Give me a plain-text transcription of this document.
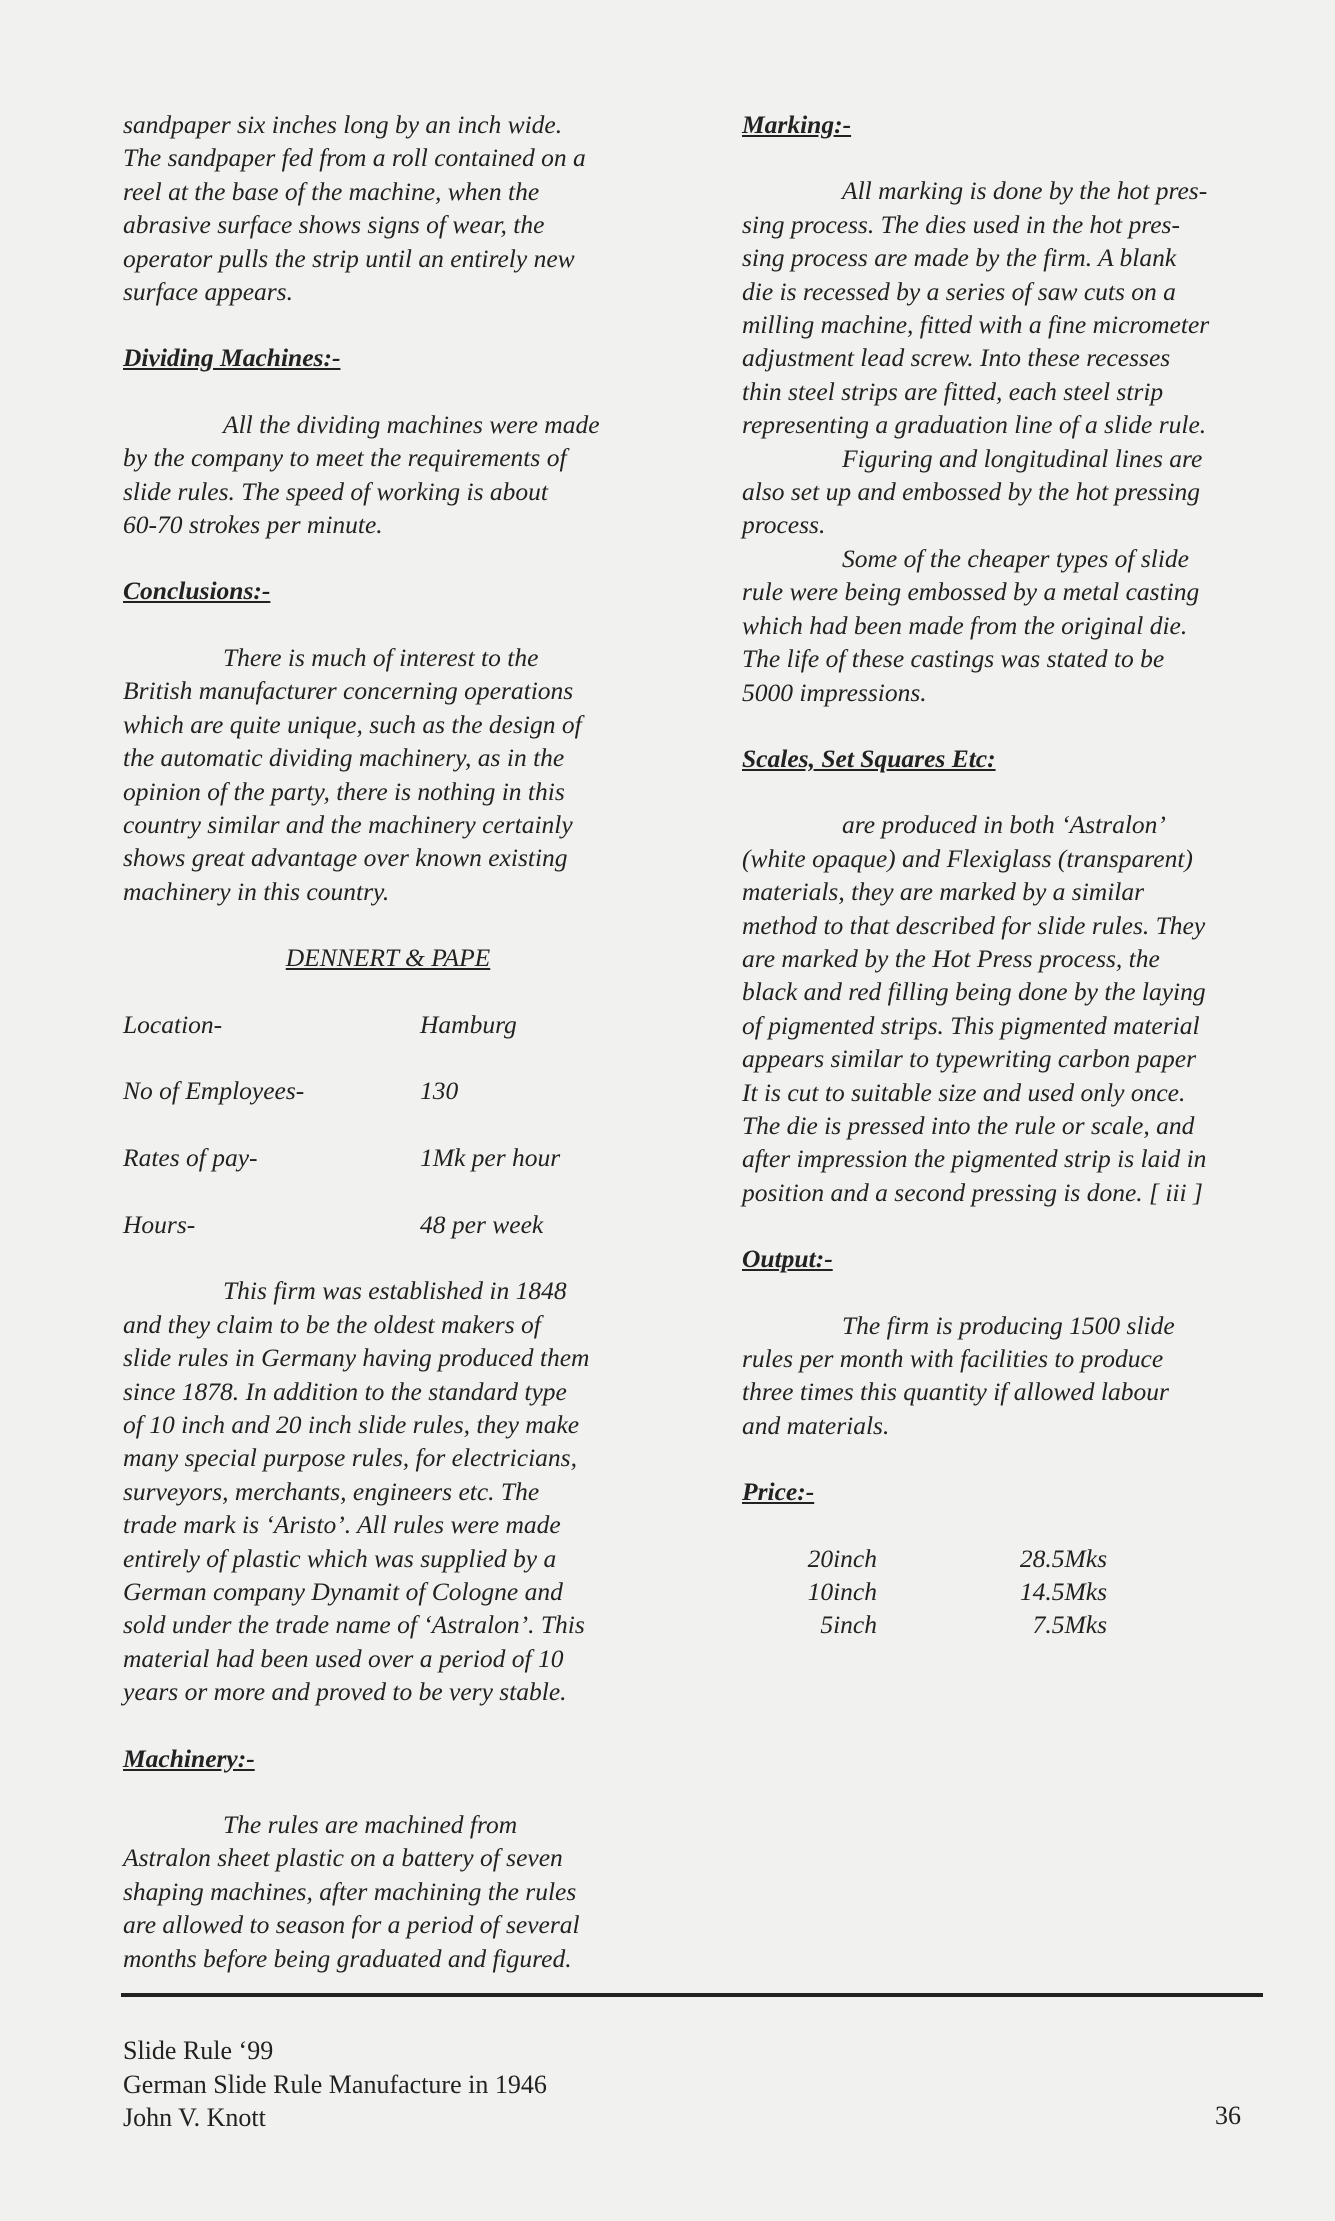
sandpaper six inches long by an inch wide.

The sandpaper fed from a roll contained on a

reel at the base of the machine, when the

abrasive surface shows signs of wear, the

operator pulls the strip until an entirely new

surface appears.

Dividing Machines:-

All the dividing machines were made

by the company to meet the requirements of

slide rules. The speed of working is about

60-70 strokes per minute.

Conclusions:-

There is much of interest to the

British manufacturer concerning operations

which are quite unique, such as the design of

the automatic dividing machinery, as in the

opinion of the party, there is nothing in this

country similar and the machinery certainly

shows great advantage over known existing

machinery in this country.

DENNERT & PAPE

Location-	Hamburg
No of Employees-	130
Rates of pay-	1Mk per hour
Hours-	48 per week

This firm was established in 1848

and they claim to be the oldest makers of

slide rules in Germany having produced them

since 1878. In addition to the standard type

of 10 inch and 20 inch slide rules, they make

many special purpose rules, for electricians,

surveyors, merchants, engineers etc. The

trade mark is ‘Aristo’. All rules were made

entirely of plastic which was supplied by a

German company Dynamit of Cologne and

sold under the trade name of ‘Astralon’. This

material had been used over a period of 10

years or more and proved to be very stable.

Machinery:-

The rules are machined from

Astralon sheet plastic on a battery of seven

shaping machines, after machining the rules

are allowed to season for a period of several

months before being graduated and figured.

Marking:-

All marking is done by the hot pres-

sing process. The dies used in the hot pres-

sing process are made by the firm. A blank

die is recessed by a series of saw cuts on a

milling machine, fitted with a fine micrometer

adjustment lead screw. Into these recesses

thin steel strips are fitted, each steel strip

representing a graduation line of a slide rule.

Figuring and longitudinal lines are

also set up and embossed by the hot pressing

process.

Some of the cheaper types of slide

rule were being embossed by a metal casting

which had been made from the original die.

The life of these castings was stated to be

5000 impressions.

Scales, Set Squares Etc:

are produced in both ‘Astralon’

(white opaque) and Flexiglass (transparent)

materials, they are marked by a similar

method to that described for slide rules. They

are marked by the Hot Press process, the

black and red filling being done by the laying

of pigmented strips. This pigmented material

appears similar to typewriting carbon paper

It is cut to suitable size and used only once.

The die is pressed into the rule or scale, and

after impression the pigmented strip is laid in

position and a second pressing is done. [ iii ]

Output:-

The firm is producing 1500 slide

rules per month with facilities to produce

three times this quantity if allowed labour

and materials.

Price:-

20inch	28.5Mks
10inch	14.5Mks
5inch	7.5Mks
Slide Rule ‘99
German Slide Rule Manufacture in 1946
John V. Knott	36
